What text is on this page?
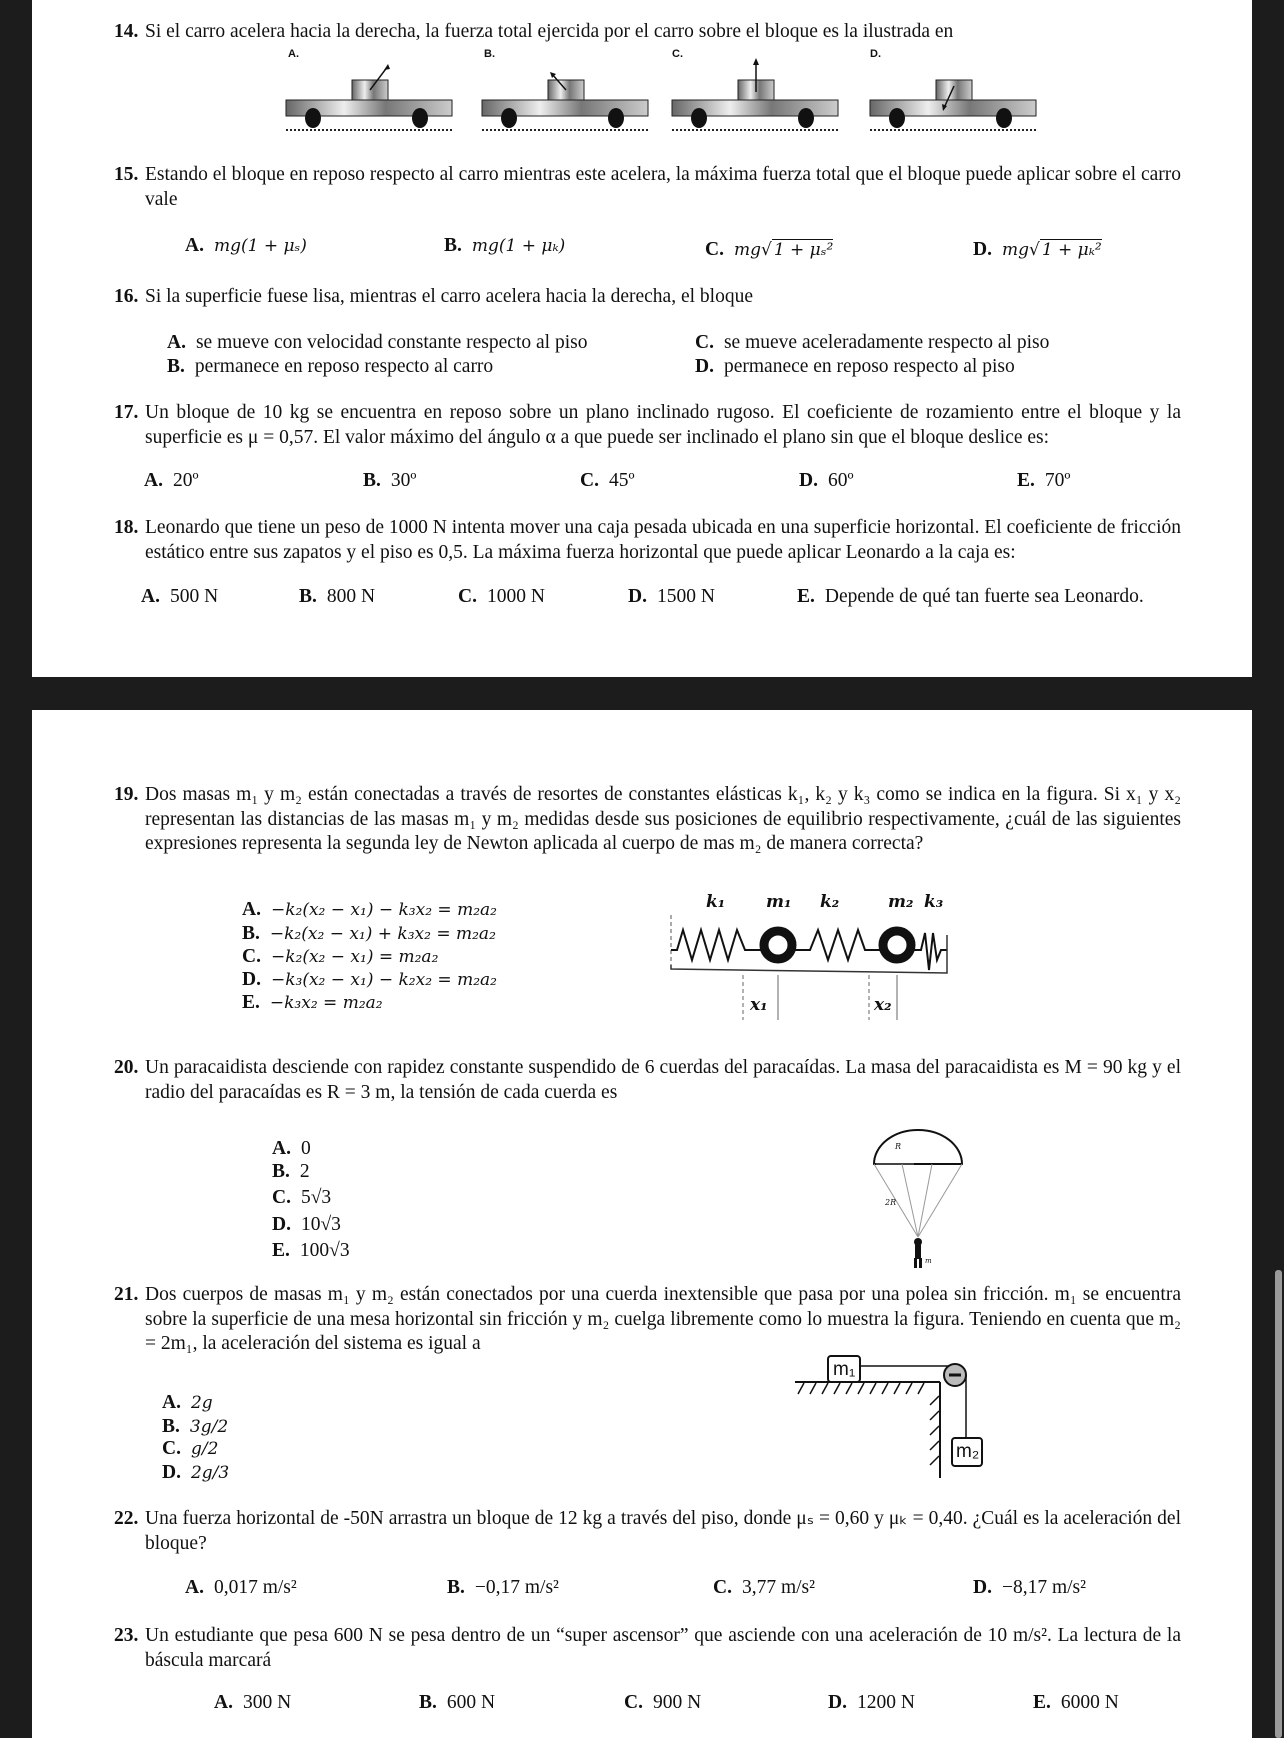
14. Si el carro acelera hacia la derecha, la fuerza total ejercida por el carro sobre el bloque es la ilustrada en
A.	B.	C.	D.
15. Estando el bloque en reposo respecto al carro mientras este acelera, la máxima fuerza total que el bloque puede aplicar sobre el carro vale
A. mg(1 + μₛ)	B. mg(1 + μₖ)	C. mg√ 1 + μₛ²	D. mg√ 1 + μₖ²
16. Si la superficie fuese lisa, mientras el carro acelera hacia la derecha, el bloque
A. se mueve con velocidad constante respecto al piso
B. permanece en reposo respecto al carro
C. se mueve aceleradamente respecto al piso
D. permanece en reposo respecto al piso
17. Un bloque de 10 kg se encuentra en reposo sobre un plano inclinado rugoso. El coeficiente de rozamiento entre el bloque y la superficie es μ = 0,57. El valor máximo del ángulo α a que puede ser inclinado el plano sin que el bloque deslice es:
A. 20º	B. 30º	C. 45º	D. 60º	E. 70º
18. Leonardo que tiene un peso de 1000 N intenta mover una caja pesada ubicada en una superficie horizontal. El coeficiente de fricción estático entre sus zapatos y el piso es 0,5. La máxima fuerza horizontal que puede aplicar Leonardo a la caja es:
A. 500 N	B. 800 N	C. 1000 N	D. 1500 N	E. Depende de qué tan fuerte sea Leonardo.
19. Dos masas m₁ y m₂ están conectadas a través de resortes de constantes elásticas k₁, k₂ y k₃ como se indica en la figura. Si x₁ y x₂ representan las distancias de las masas m₁ y m₂ medidas desde sus posiciones de equilibrio respectivamente, ¿cuál de las siguientes expresiones representa la segunda ley de Newton aplicada al cuerpo de mas m₂ de manera correcta?
A. −k₂(x₂ − x₁) − k₃x₂ = m₂a₂
B. −k₂(x₂ − x₁) + k₃x₂ = m₂a₂
C. −k₂(x₂ − x₁) = m₂a₂
D. −k₃(x₂ − x₁) − k₂x₂ = m₂a₂
E. −k₃x₂ = m₂a₂
k₁ m₁ k₂	m₂ k₃
x₁	x₂
20. Un paracaidista desciende con rapidez constante suspendido de 6 cuerdas del paracaídas. La masa del paracaidista es M = 90 kg y el radio del paracaídas es R = 3 m, la tensión de cada cuerda es
A. 0
B. 2
C. 5√3
D. 10√3
E. 100√3
R
2R
m
21. Dos cuerpos de masas m₁ y m₂ están conectados por una cuerda inextensible que pasa por una polea sin fricción. m₁ se encuentra sobre la superficie de una mesa horizontal sin fricción y m₂ cuelga libremente como lo muestra la figura. Teniendo en cuenta que m₂ = 2m₁, la aceleración del sistema es igual a
A. 2g
B. 3g/2
C. g/2
D. 2g/3
m₁
m₂
22. Una fuerza horizontal de -50N arrastra un bloque de 12 kg a través del piso, donde μₛ = 0,60 y μₖ = 0,40. ¿Cuál es la aceleración del bloque?
A. 0,017 m/s²	B. −0,17 m/s²	C. 3,77 m/s²	D. −8,17 m/s²
23. Un estudiante que pesa 600 N se pesa dentro de un “super ascensor” que asciende con una aceleración de 10 m/s². La lectura de la báscula marcará
A. 300 N	B. 600 N	C. 900 N	D. 1200 N	E. 6000 N
